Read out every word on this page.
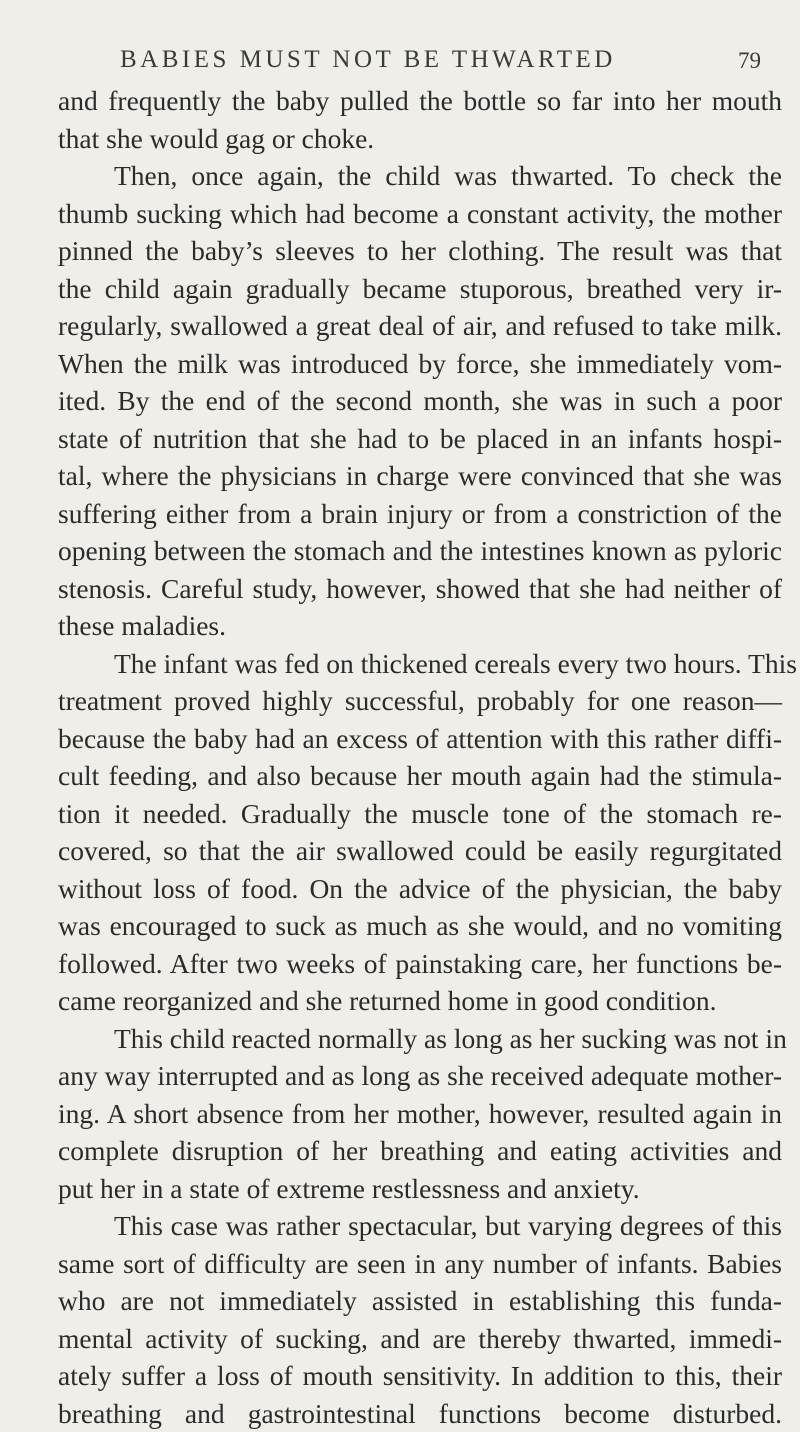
BABIES MUST NOT BE THWARTED	79
and frequently the baby pulled the bottle so far into her mouth
that she would gag or choke.
Then, once again, the child was thwarted. To check the
thumb sucking which had become a constant activity, the mother
pinned the baby’s sleeves to her clothing. The result was that
the child again gradually became stuporous, breathed very ir-
regularly, swallowed a great deal of air, and refused to take milk.
When the milk was introduced by force, she immediately vom-
ited. By the end of the second month, she was in such a poor
state of nutrition that she had to be placed in an infants hospi-
tal, where the physicians in charge were convinced that she was
suffering either from a brain injury or from a constriction of the
opening between the stomach and the intestines known as pyloric
stenosis. Careful study, however, showed that she had neither of
these maladies.
The infant was fed on thickened cereals every two hours. This
treatment proved highly successful, probably for one reason—
because the baby had an excess of attention with this rather diffi-
cult feeding, and also because her mouth again had the stimula-
tion it needed. Gradually the muscle tone of the stomach re-
covered, so that the air swallowed could be easily regurgitated
without loss of food. On the advice of the physician, the baby
was encouraged to suck as much as she would, and no vomiting
followed. After two weeks of painstaking care, her functions be-
came reorganized and she returned home in good condition.
This child reacted normally as long as her sucking was not in
any way interrupted and as long as she received adequate mother-
ing. A short absence from her mother, however, resulted again in
complete disruption of her breathing and eating activities and
put her in a state of extreme restlessness and anxiety.
This case was rather spectacular, but varying degrees of this
same sort of difficulty are seen in any number of infants. Babies
who are not immediately assisted in establishing this funda-
mental activity of sucking, and are thereby thwarted, immedi-
ately suffer a loss of mouth sensitivity. In addition to this, their
breathing and gastrointestinal functions become disturbed.
